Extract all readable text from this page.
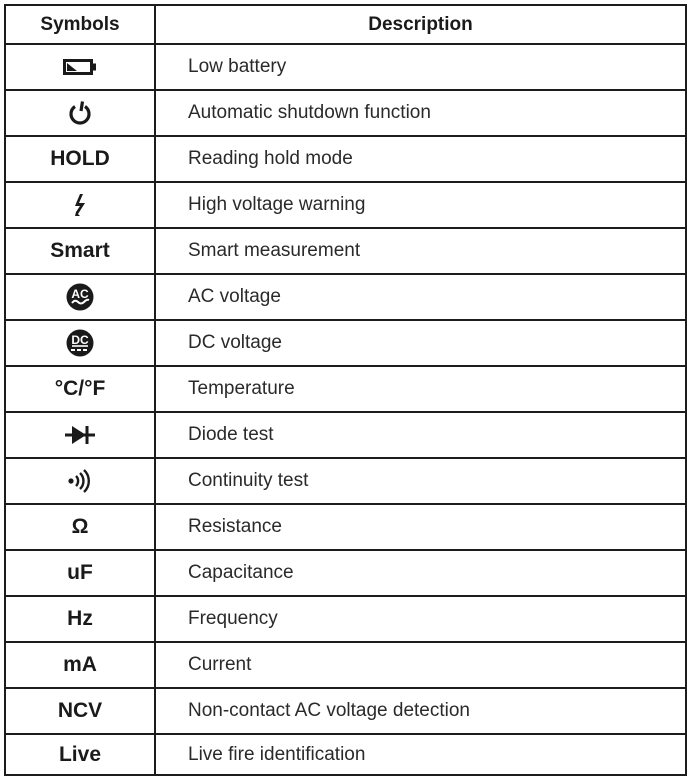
Symbols	Description

	Low battery

	Automatic shutdown function
HOLD	Reading hold mode

	High voltage warning
Smart	Smart measurement

AC	AC voltage

DC	DC voltage
°C/°F	Temperature

	Diode test

	Continuity test
Ω	Resistance
uF	Capacitance
Hz	Frequency
mA	Current
NCV	Non-contact AC voltage detection
Live	Live fire identification
